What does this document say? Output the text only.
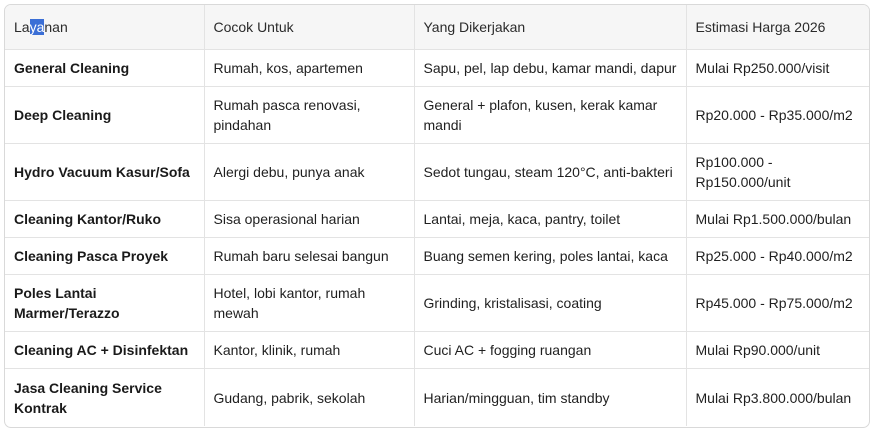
Layanan	Cocok Untuk	Yang Dikerjakan	Estimasi Harga 2026
General Cleaning	Rumah, kos, apartemen	Sapu, pel, lap debu, kamar mandi, dapur	Mulai Rp250.000/visit
Deep Cleaning	Rumah pasca renovasi, pindahan	General + plafon, kusen, kerak kamar mandi	Rp20.000 - Rp35.000/m2
Hydro Vacuum Kasur/Sofa	Alergi debu, punya anak	Sedot tungau, steam 120°C, anti-bakteri	Rp100.000 - Rp150.000/unit
Cleaning Kantor/Ruko	Sisa operasional harian	Lantai, meja, kaca, pantry, toilet	Mulai Rp1.500.000/bulan
Cleaning Pasca Proyek	Rumah baru selesai bangun	Buang semen kering, poles lantai, kaca	Rp25.000 - Rp40.000/m2
Poles Lantai Marmer/Terazzo	Hotel, lobi kantor, rumah mewah	Grinding, kristalisasi, coating	Rp45.000 - Rp75.000/m2
Cleaning AC + Disinfektan	Kantor, klinik, rumah	Cuci AC + fogging ruangan	Mulai Rp90.000/unit
Jasa Cleaning Service Kontrak	Gudang, pabrik, sekolah	Harian/mingguan, tim standby	Mulai Rp3.800.000/bulan
